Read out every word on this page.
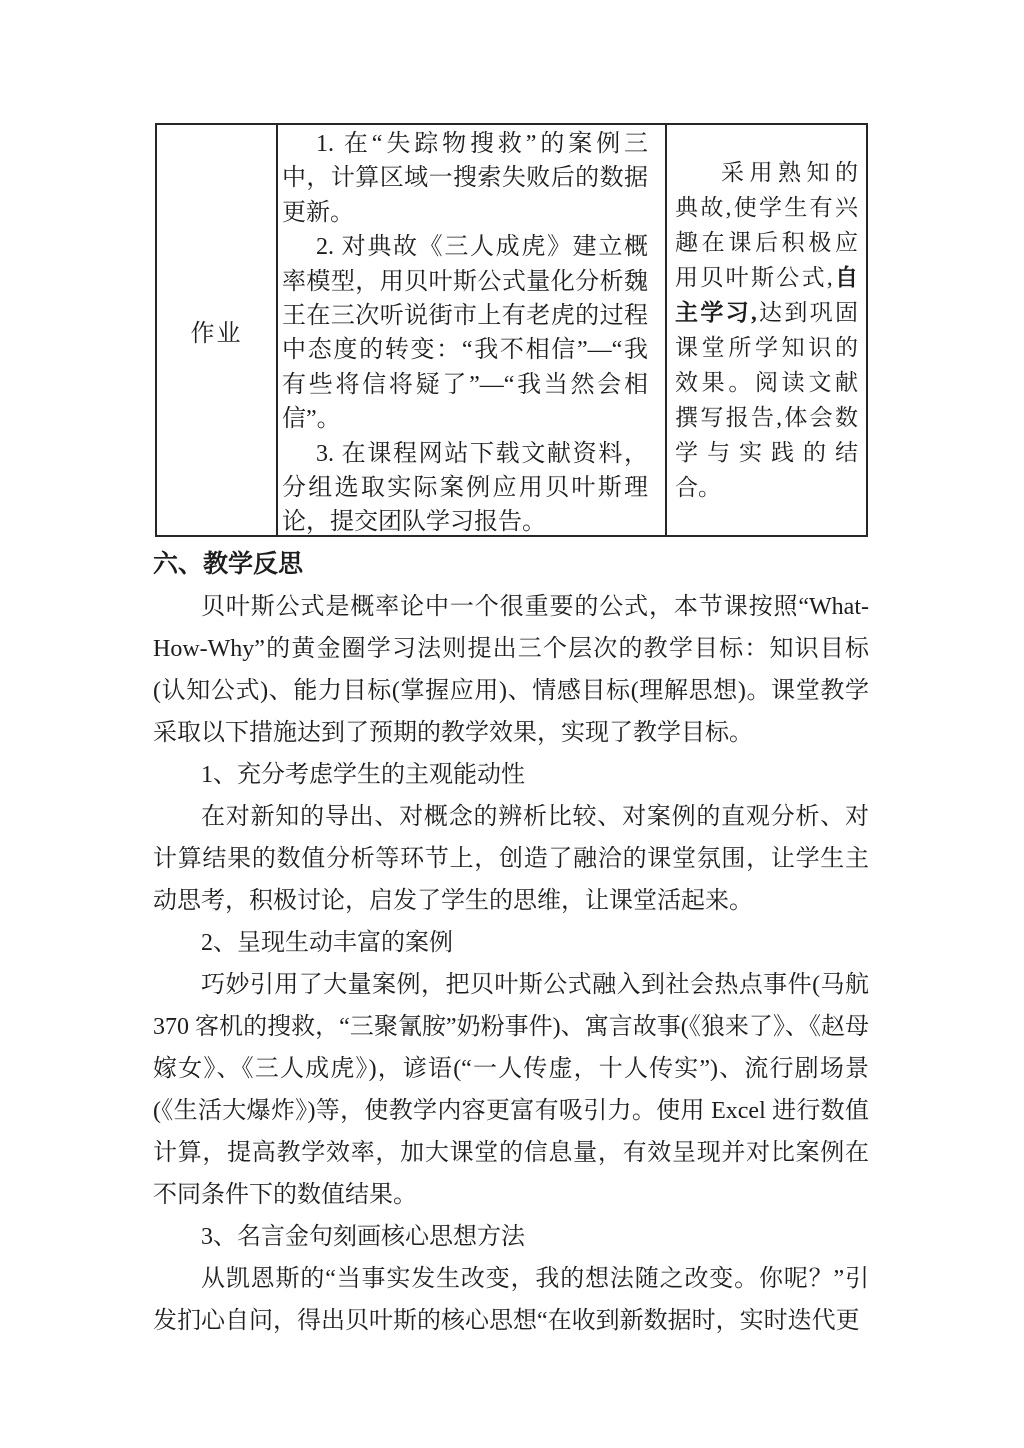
作业

1. 在“失踪物搜救”的案例三中，计算区域一搜索失败后的数据更新。

2. 对典故《三人成虎》建立概率模型，用贝叶斯公式量化分析魏王在三次听说街市上有老虎的过程中态度的转变：“我不相信”—“我有些将信将疑了”—“我当然会相信”。

3. 在课程网站下载文献资料，分组选取实际案例应用贝叶斯理论，提交团队学习报告。

采用熟知的典故,使学生有兴趣在课后积极应用贝叶斯公式,自主学习,达到巩固课堂所学知识的效果。阅读文献撰写报告,体会数学与实践的结合。

六、教学反思

贝叶斯公式是概率论中一个很重要的公式，本节课按照“What-How-Why”的黄金圈学习法则提出三个层次的教学目标：知识目标(认知公式)、能力目标(掌握应用)、情感目标(理解思想)。课堂教学采取以下措施达到了预期的教学效果，实现了教学目标。

1、充分考虑学生的主观能动性

在对新知的导出、对概念的辨析比较、对案例的直观分析、对计算结果的数值分析等环节上，创造了融洽的课堂氛围，让学生主动思考，积极讨论，启发了学生的思维，让课堂活起来。

2、呈现生动丰富的案例

巧妙引用了大量案例，把贝叶斯公式融入到社会热点事件(马航 370 客机的搜救，“三聚氰胺”奶粉事件)、寓言故事(《狼来了》、《赵母嫁女》、《三人成虎》)，谚语(“一人传虚，十人传实”)、流行剧场景(《生活大爆炸》)等，使教学内容更富有吸引力。使用 Excel 进行数值计算，提高教学效率，加大课堂的信息量，有效呈现并对比案例在不同条件下的数值结果。

3、名言金句刻画核心思想方法

从凯恩斯的“当事实发生改变，我的想法随之改变。你呢？”引发扪心自问，得出贝叶斯的核心思想“在收到新数据时，实时迭代更
